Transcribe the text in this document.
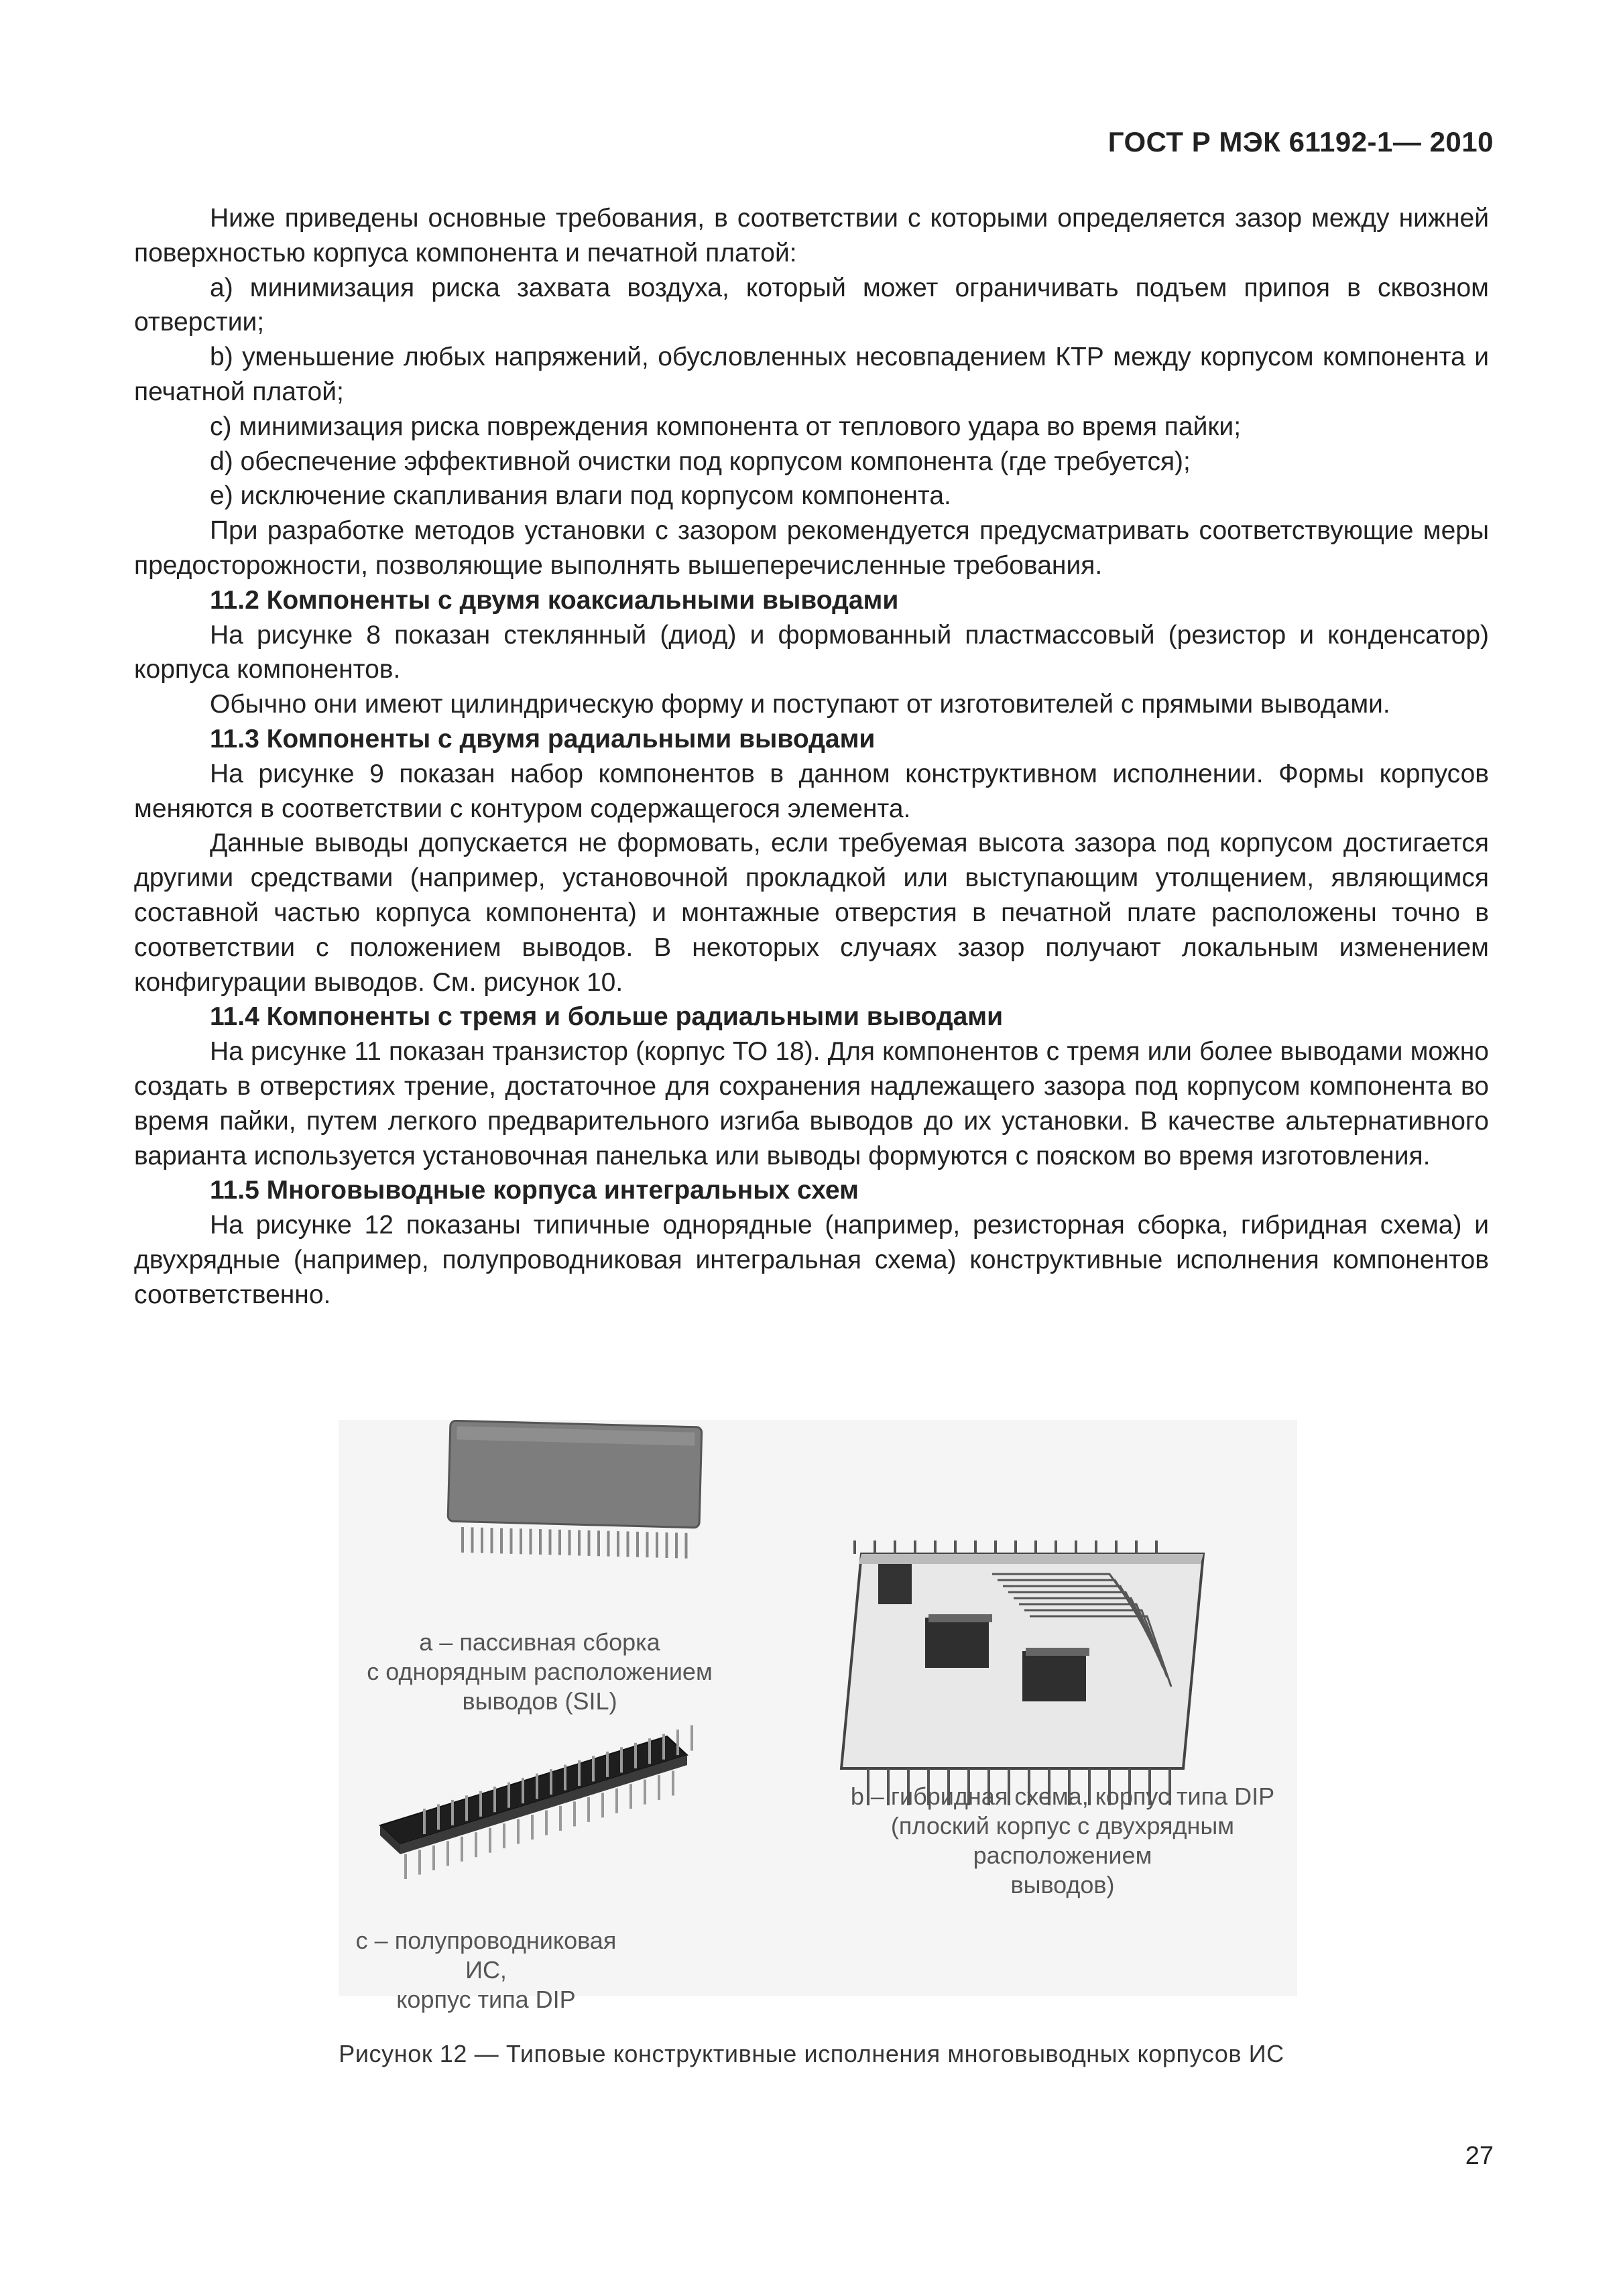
ГОСТ Р МЭК 61192-1— 2010

Ниже приведены основные требования, в соответствии с которыми определяется зазор между нижней поверхностью корпуса компонента и печатной платой:

a) минимизация риска захвата воздуха, который может ограничивать подъем припоя в сквозном отверстии;

b) уменьшение любых напряжений, обусловленных несовпадением КТР между корпусом компонента и печатной платой;

c) минимизация риска повреждения компонента от теплового удара во время пайки;

d) обеспечение эффективной очистки под корпусом компонента (где требуется);

e) исключение скапливания влаги под корпусом компонента.

При разработке методов установки с зазором рекомендуется предусматривать соответствующие меры предосторожности, позволяющие выполнять вышеперечисленные требования.

11.2 Компоненты с двумя коаксиальными выводами

На рисунке 8 показан стеклянный (диод) и формованный пластмассовый (резистор и конденсатор) корпуса компонентов.

Обычно они имеют цилиндрическую форму и поступают от изготовителей с прямыми выводами.

11.3 Компоненты с двумя радиальными выводами

На рисунке 9 показан набор компонентов в данном конструктивном исполнении. Формы корпусов меняются в соответствии с контуром содержащегося элемента.

Данные выводы допускается не формовать, если требуемая высота зазора под корпусом достигается другими средствами (например, установочной прокладкой или выступающим утолщением, являющимся составной частью корпуса компонента) и монтажные отверстия в печатной плате расположены точно в соответствии с положением выводов. В некоторых случаях зазор получают локальным изменением конфигурации выводов. См. рисунок 10.

11.4 Компоненты с тремя и больше радиальными выводами

На рисунке 11 показан транзистор (корпус ТО 18). Для компонентов с тремя или более выводами можно создать в отверстиях трение, достаточное для сохранения надлежащего зазора под корпусом компонента во время пайки, путем легкого предварительного изгиба выводов до их установки. В качестве альтернативного варианта используется установочная панелька или выводы формуются с пояском во время изготовления.

11.5 Многовыводные корпуса интегральных схем

На рисунке 12 показаны типичные однорядные (например, резисторная сборка, гибридная схема) и двухрядные (например, полупроводниковая интегральная схема) конструктивные исполнения компонентов соответственно.

a – пассивная сборка
с однорядным расположением
выводов (SIL)
b – гибридная схема, корпус типа DIP
(плоский корпус с двухрядным расположением
выводов)
c – полупроводниковая ИС,
корпус типа DIP
Рисунок 12 — Типовые конструктивные исполнения многовыводных корпусов ИС
27
